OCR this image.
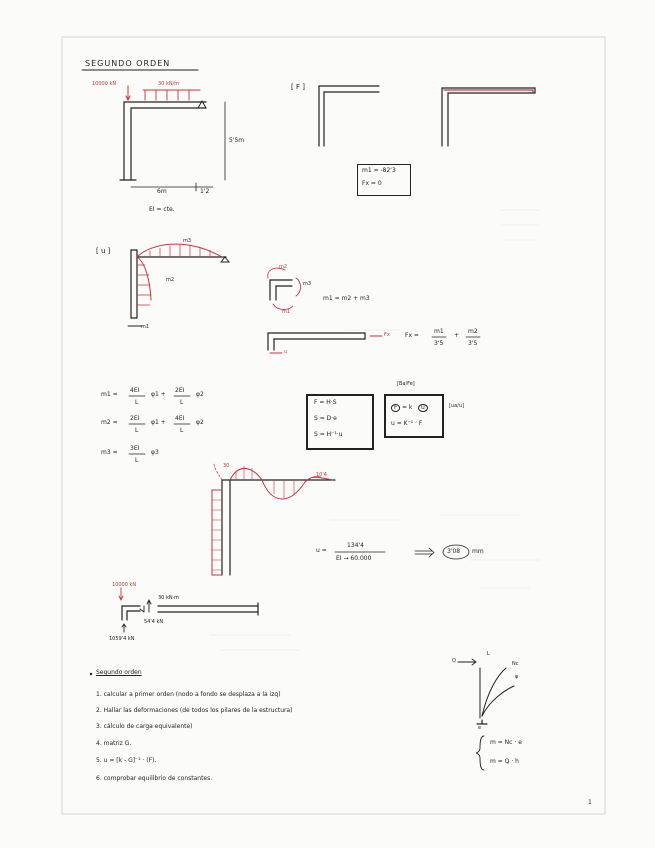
SEGUNDO ORDEN
10000 kN	30 kN/m
5'5m
6m	1'2
EI = cte.
[ F ]
m1 = -82'3
Fx = 0
[ u ]
m3
m2
m1
m2
m3
m1
m1 = m2 + m3
Fx
u
Fx =
m1
3'5
+
m2
3'5
m1 =
4EI
L
φ1 +
2EI
L
φ2
m2 =
2EI
L
φ1 +
4EI
L
φ2
m3 =
3EI
L
φ3
F = H·S
S = D·e
S = H⁻¹·u
[Ba/Fe]
F = k	u	[ua/u]
u = K⁻¹ · F
30
10'4
u =
134'4
EI → 60.000
3'08 mm
10000 kN
30 kN·m
54'4 kN
1059'4 kN
Segundo orden
1. calcular a primer orden (nodo a fondo se desplaza a la izq)
2. Hallar las deformaciones (de todos los pilares de la estructura)
3. cálculo de carga equivalente)
4. matriz G.
5. u = [k - G]⁻¹ · (F).
6. comprobar equilibrio de constantes.
Q
L
Nc
φ
e
m = Nc · e
m = Q · h
1
